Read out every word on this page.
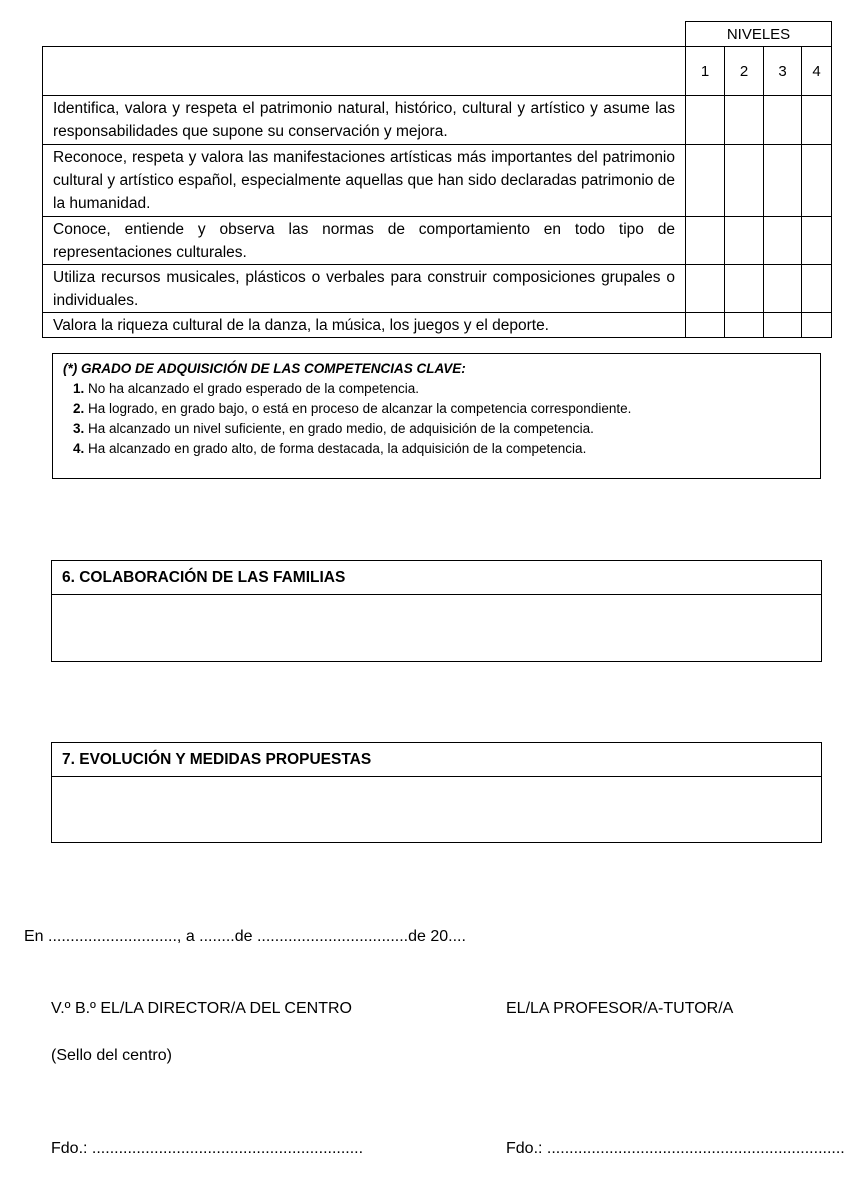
	NIVELES			
	1	2	3	4
Identifica, valora y respeta el patrimonio natural, histórico, cultural y artístico y asume las responsabilidades que supone su conservación y mejora.				
Reconoce, respeta y valora las manifestaciones artísticas más importantes del patrimonio cultural y artístico español, especialmente aquellas que han sido declaradas patrimonio de la humanidad.				
Conoce, entiende y observa las normas de comportamiento en todo tipo de representaciones culturales.				
Utiliza recursos musicales, plásticos o verbales para construir composiciones grupales o individuales.				
Valora la riqueza cultural de la danza, la música, los juegos y el deporte.				
(*) GRADO DE ADQUISICIÓN DE LAS COMPETENCIAS CLAVE:
1. No ha alcanzado el grado esperado de la competencia.
2. Ha logrado, en grado bajo, o está en proceso de alcanzar la competencia correspondiente.
3. Ha alcanzado un nivel suficiente, en grado medio, de adquisición de la competencia.
4. Ha alcanzado en grado alto, de forma destacada, la adquisición de la competencia.
6. COLABORACIÓN DE LAS FAMILIAS
7. EVOLUCIÓN Y MEDIDAS PROPUESTAS
En ............................., a ........de ..................................de 20....
V.º B.º EL/LA DIRECTOR/A DEL CENTRO	EL/LA PROFESOR/A-TUTOR/A
(Sello del centro)
Fdo.: .............................................................	Fdo.: ...................................................................
